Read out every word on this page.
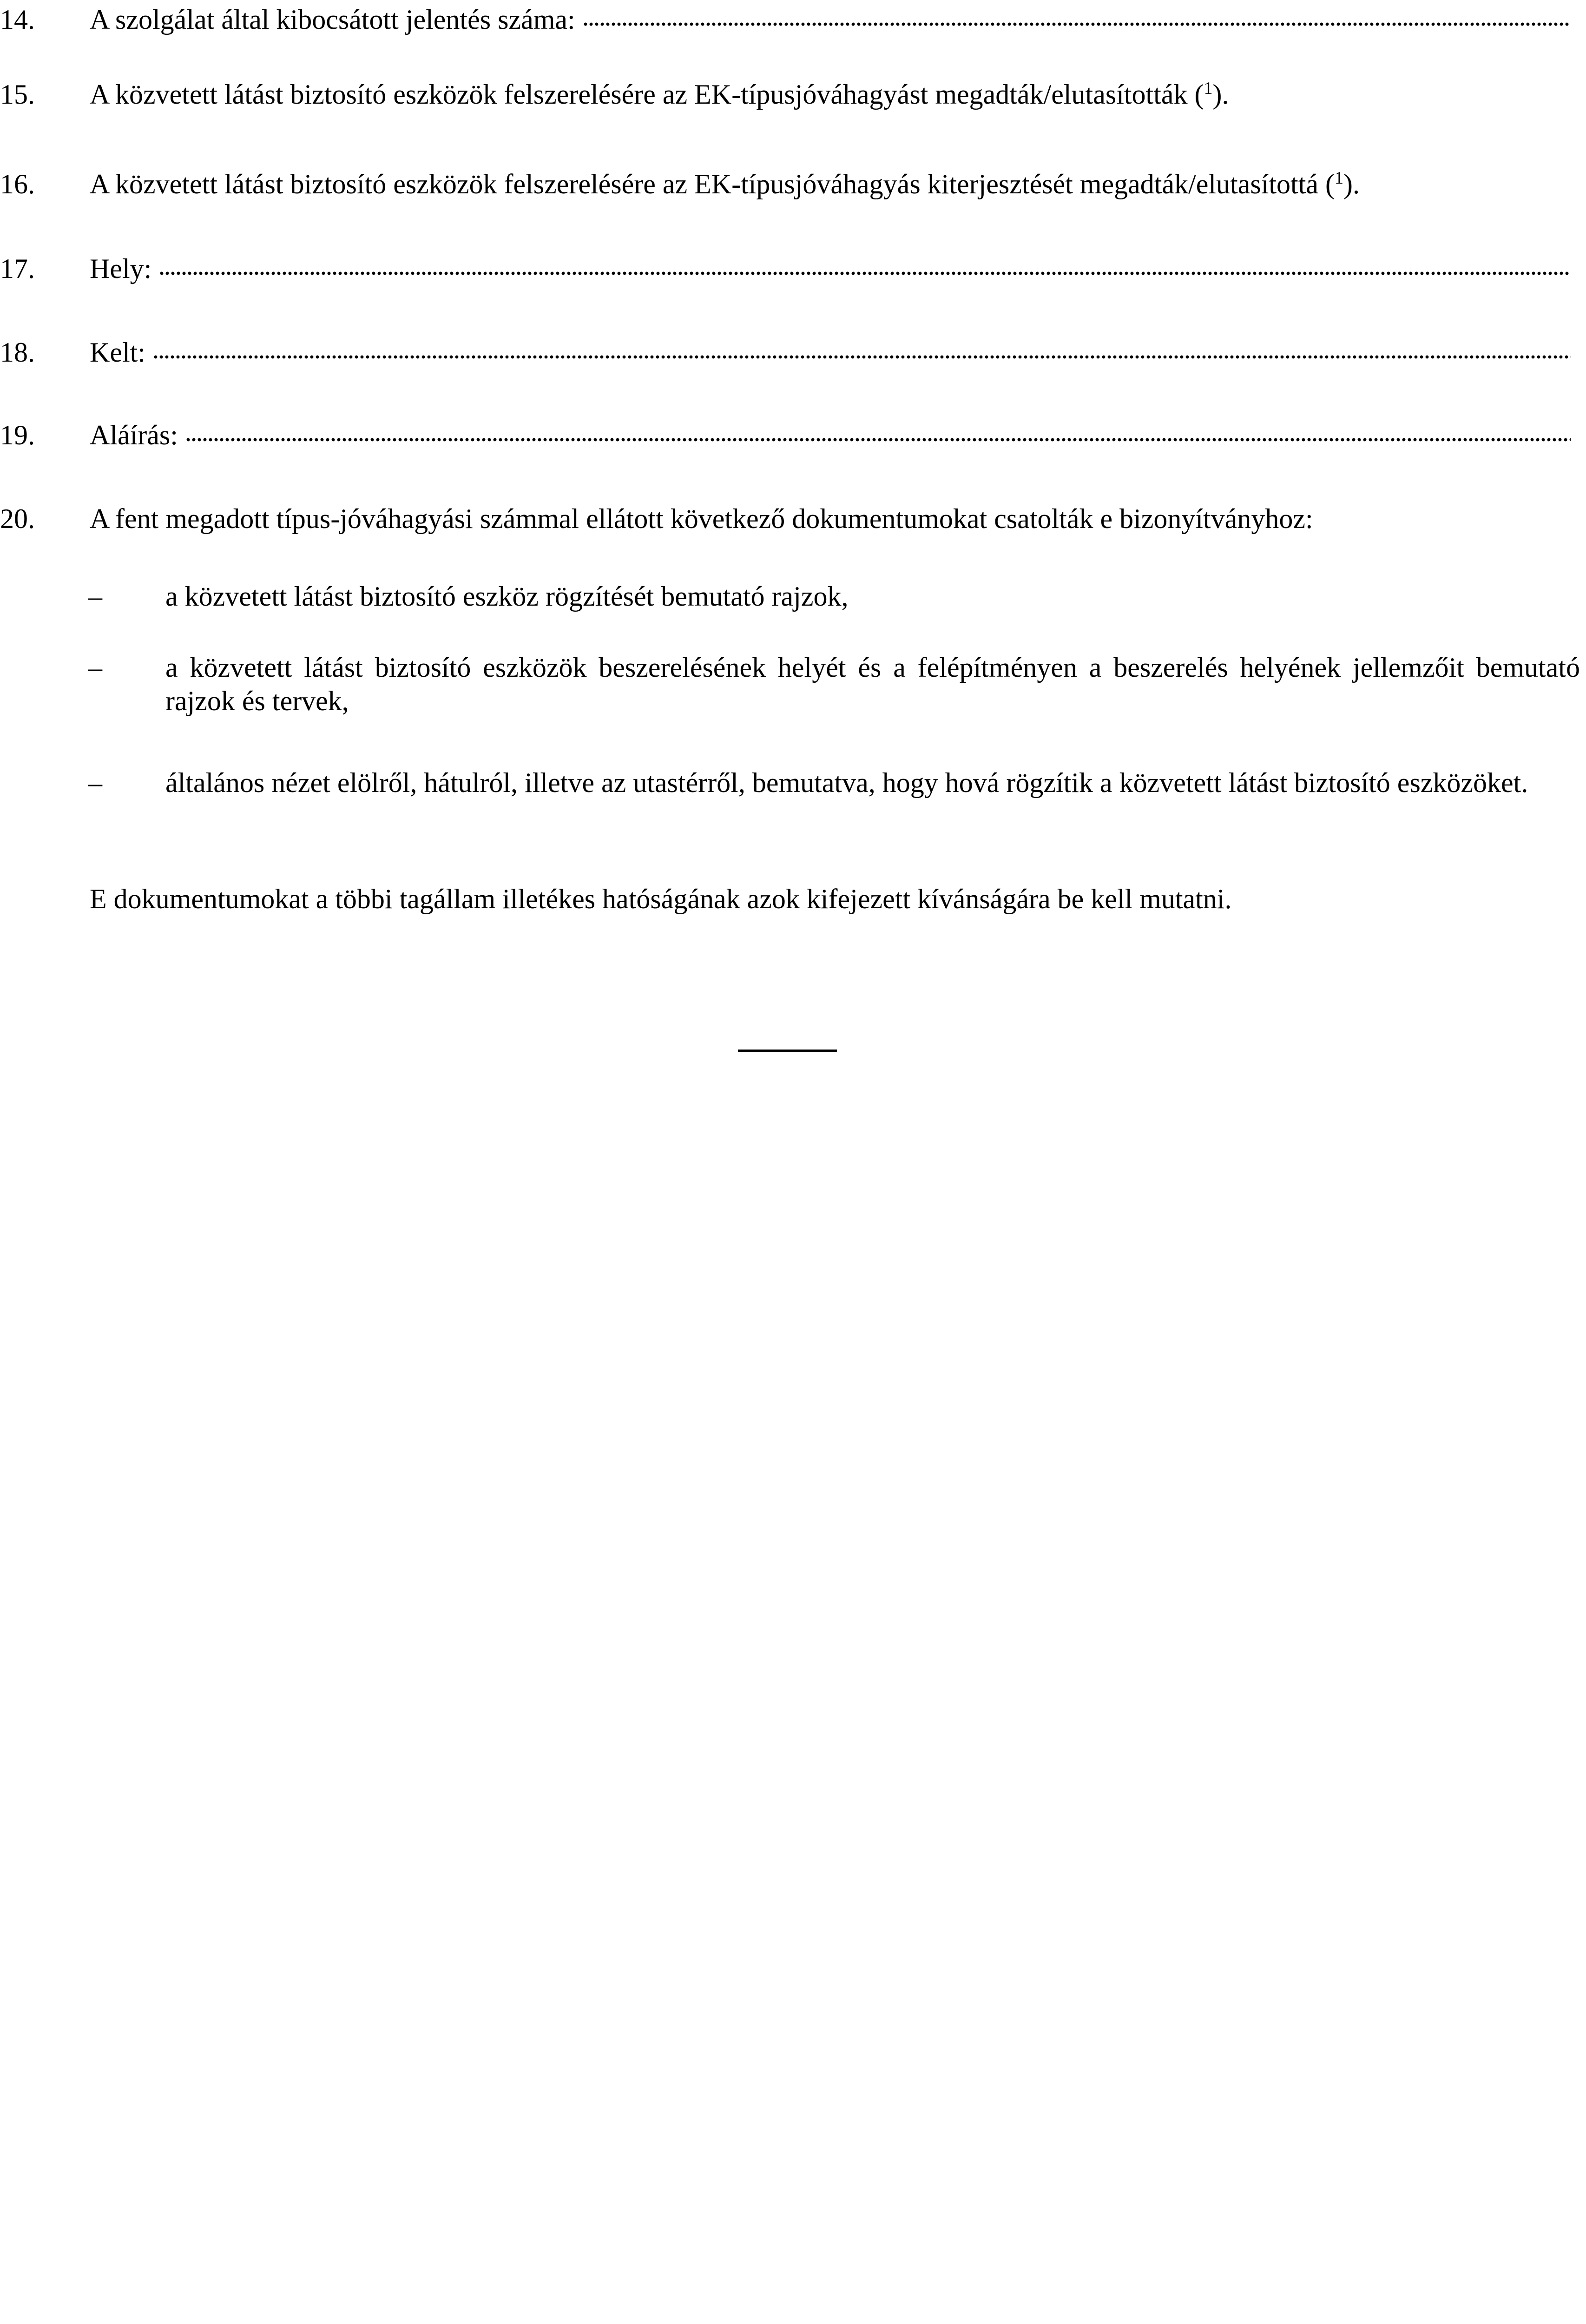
14.	A szolgálat által kibocsátott jelentés száma:
15.	A közvetett látást biztosító eszközök felszerelésére az EK-típusjóváhagyást megadták/elutasították ($^1$).
16.	A közvetett látást biztosító eszközök felszerelésére az EK-típusjóváhagyás kiterjesztését megadták/elutasítottá ($^1$).
17.	Hely:
18.	Kelt:
19.	Aláírás:
20.	A fent megadott típus-jóváhagyási számmal ellátott következő dokumentumokat csatolták e bizonyítványhoz:
–	a közvetett látást biztosító eszköz rögzítését bemutató rajzok,
–	a közvetett látást biztosító eszközök beszerelésének helyét és a felépítményen a beszerelés helyének jellemzőit bemutató rajzok és tervek,
–	általános nézet elölről, hátulról, illetve az utastérről, bemutatva, hogy hová rögzítik a közvetett látást biztosító eszközöket.
E dokumentumokat a többi tagállam illetékes hatóságának azok kifejezett kívánságára be kell mutatni.
